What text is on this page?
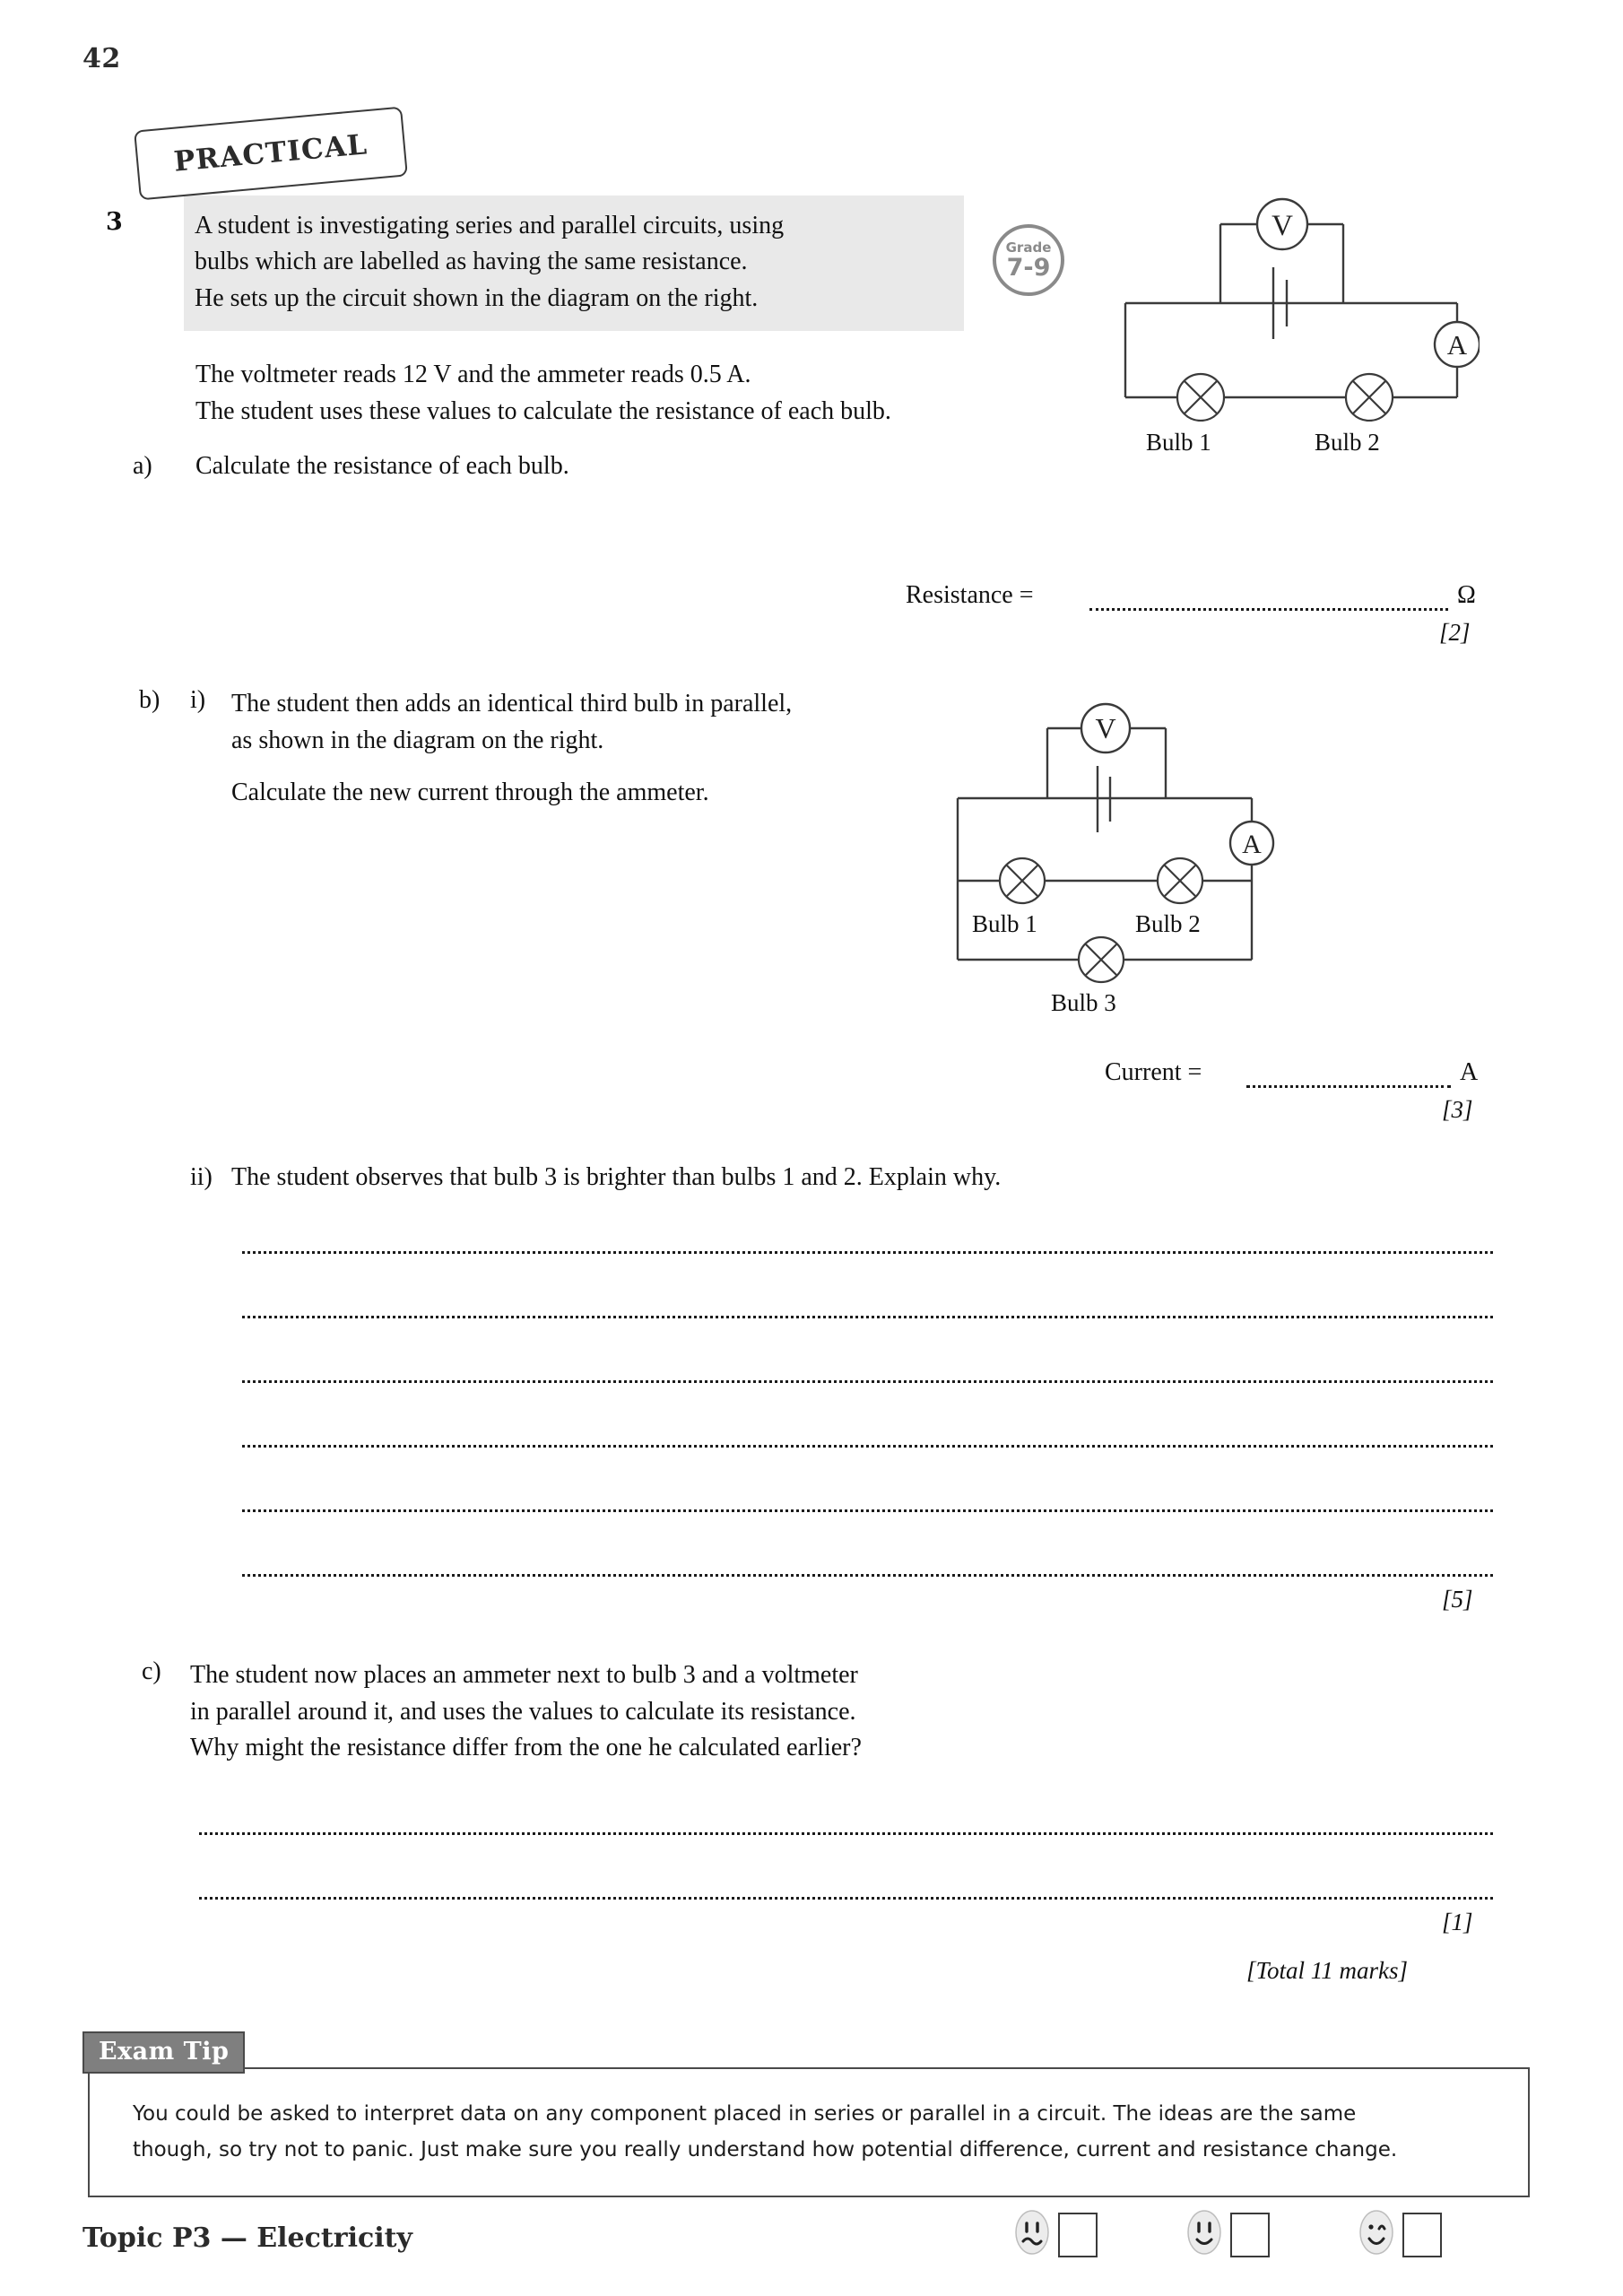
42
PRACTICAL
3	A student is investigating series and parallel circuits, using
bulbs which are labelled as having the same resistance.
He sets up the circuit shown in the diagram on the right.
Grade
7-9
V
A
Bulb 1	Bulb 2
The voltmeter reads 12 V and the ammeter reads 0.5 A.
The student uses these values to calculate the resistance of each bulb.
a) Calculate the resistance of each bulb.
Resistance =	Ω
[2]
b) i) The student then adds an identical third bulb in parallel,
as shown in the diagram on the right.
Calculate the new current through the ammeter.
V
A
Bulb 1	Bulb 2
Bulb 3
Current =	A
[3]
ii) The student observes that bulb 3 is brighter than bulbs 1 and 2. Explain why.
[5]
c) The student now places an ammeter next to bulb 3 and a voltmeter
in parallel around it, and uses the values to calculate its resistance.
Why might the resistance differ from the one he calculated earlier?
[1]
[Total 11 marks]
Exam Tip
You could be asked to interpret data on any component placed in series or parallel in a circuit. The ideas are the same
though, so try not to panic. Just make sure you really understand how potential difference, current and resistance change.
Topic P3 — Electricity
